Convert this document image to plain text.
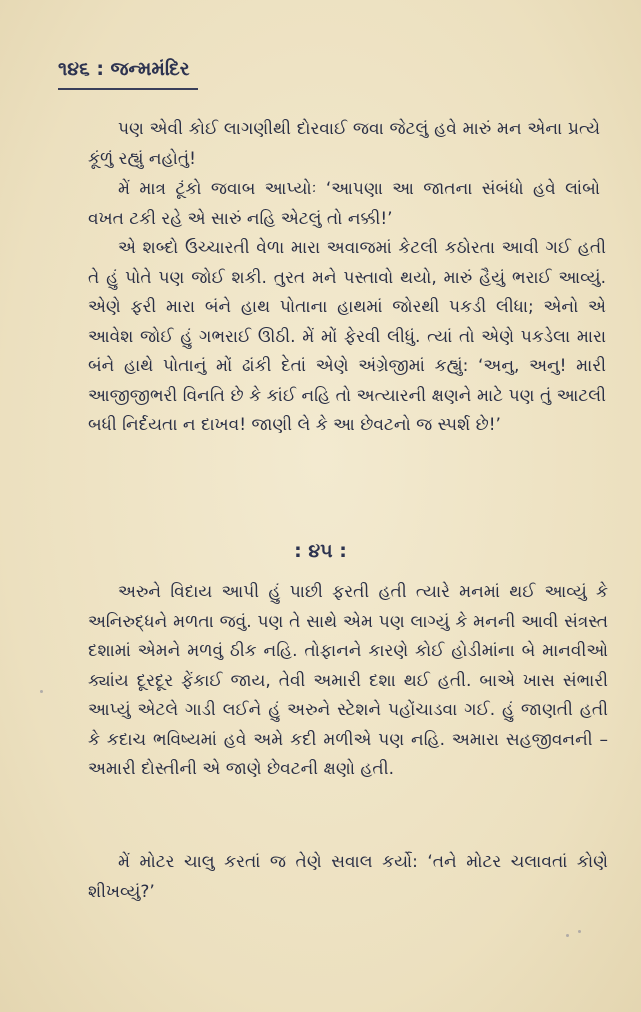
૧૪૬ : જન્મમંદિર

પણ એવી કોઈ લાગણીથી દોરવાઈ જવા જેટલું હવે મારું મન એના પ્રત્યે કૂંળું રહ્યું નહોતું!

મેં માત્ર ટૂંકો જવાબ આપ્યોઃ ‘આપણા આ જાતના સંબંધો હવે લાંબો વખત ટકી રહે એ સારું નહિ એટલું તો નક્કી!’

એ શબ્દો ઉચ્ચારતી વેળા મારા અવાજમાં કેટલી કઠોરતા આવી ગઈ હતી તે હું પોતે પણ જોઈ શકી. તુરત મને પસ્તાવો થયો, મારું હૈયું ભરાઈ આવ્યું. એણે ફરી મારા બંને હાથ પોતાના હાથમાં જોરથી પકડી લીધા; એનો એ આવેશ જોઈ હું ગભરાઈ ઊઠી. મેં મોં ફેરવી લીધું. ત્યાં તો એણે પકડેલા મારા બંને હાથે પોતાનું મોં ઢાંકી દેતાં એણે અંગ્રેજીમાં કહ્યું: ‘અનુ, અનુ! મારી આજીજીભરી વિનતિ છે કે કાંઈ નહિ તો અત્યારની ક્ષણને માટે પણ તું આટલી બધી નિર્દયતા ન દાખવ! જાણી લે કે આ છેવટનો જ સ્પર્શ છે!’

: ૪૫ :

અરુને વિદાય આપી હું પાછી ફરતી હતી ત્યારે મનમાં થઈ આવ્યું કે અનિરુદ્ધને મળતા જવું. પણ તે સાથે એમ પણ લાગ્યું કે મનની આવી સંત્રસ્ત દશામાં એમને મળવું ઠીક નહિ. તોફાનને કારણે કોઈ હોડીમાંના બે માનવીઓ ક્યાંય દૂરદૂર ફેંકાઈ જાય, તેવી અમારી દશા થઈ હતી. બાએ ખાસ સંભારી આપ્યું એટલે ગાડી લઈને હું અરુને સ્ટેશને પહોંચાડવા ગઈ. હું જાણતી હતી કે કદાચ ભવિષ્યમાં હવે અમે કદી મળીએ પણ નહિ. અમારા સહજીવનની –અમારી દોસ્તીની એ જાણે છેવટની ક્ષણો હતી.

મેં મોટર ચાલુ કરતાં જ તેણે સવાલ કર્યો: ‘તને મોટર ચલાવતાં કોણે શીખવ્યું?’
